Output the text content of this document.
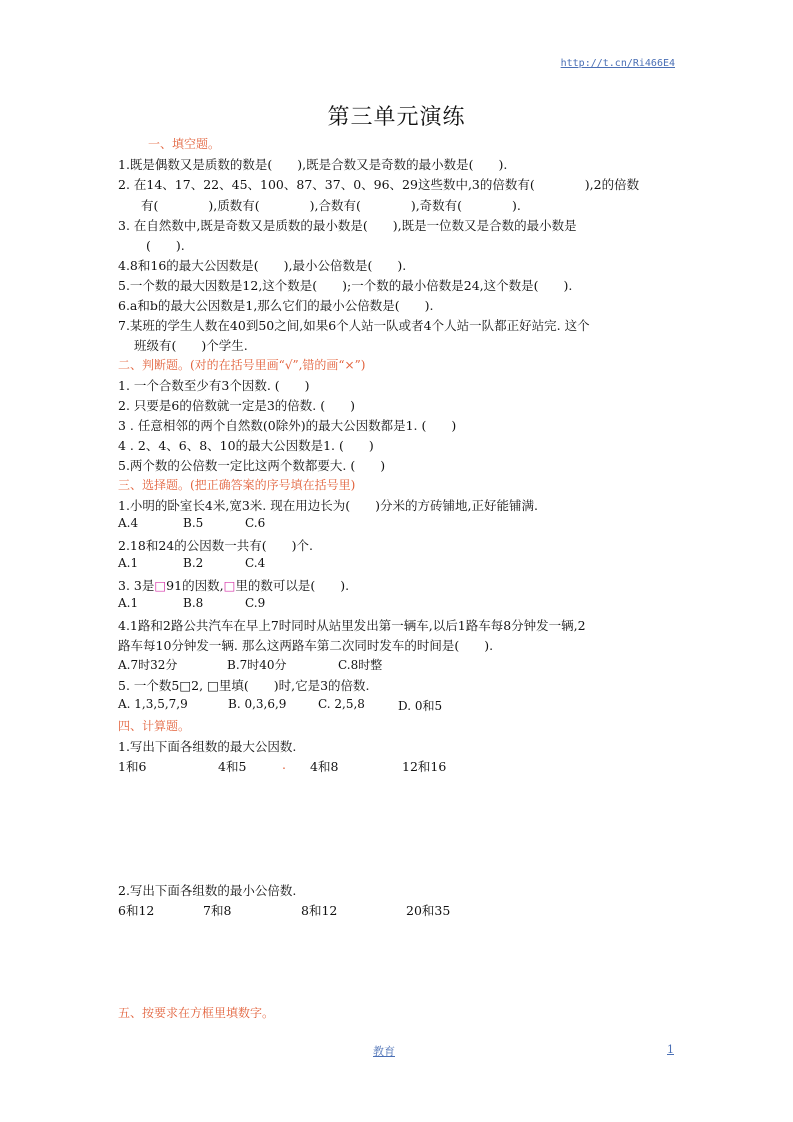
http://t.cn/Ri466E4
第三单元演练
一、填空题。
1.既是偶数又是质数的数是(　　),既是合数又是奇数的最小数是(　　).
2. 在14、17、22、45、100、87、37、0、96、29这些数中,3的倍数有(　　　　),2的倍数
有(　　　　),质数有(　　　　),合数有(　　　　),奇数有(　　　　).
3. 在自然数中,既是奇数又是质数的最小数是(　　),既是一位数又是合数的最小数是
(　　).
4.8和16的最大公因数是(　　),最小公倍数是(　　).
5.一个数的最大因数是12,这个数是(　　);一个数的最小倍数是24,这个数是(　　).
6.a和b的最大公因数是1,那么它们的最小公倍数是(　　).
7.某班的学生人数在40到50之间,如果6个人站一队或者4个人站一队都正好站完. 这个
班级有(　　)个学生.
二、判断题。(对的在括号里画“√”,错的画“×”)
1. 一个合数至少有3个因数. (　　)
2. 只要是6的倍数就一定是3的倍数. (　　)
3 . 任意相邻的两个自然数(0除外)的最大公因数都是1. (　　)
4 . 2、4、6、8、10的最大公因数是1. (　　)
5.两个数的公倍数一定比这两个数都要大. (　　)
三、选择题。(把正确答案的序号填在括号里)
1.小明的卧室长4米,宽3米. 现在用边长为(　　)分米的方砖铺地,正好能铺满.
A.4	B.5	C.6
2.18和24的公因数一共有(　　)个.
A.1	B.2	C.4
3. 3是□91的因数,□里的数可以是(　　).
A.1	B.8	C.9
4.1路和2路公共汽车在早上7时同时从站里发出第一辆车,以后1路车每8分钟发一辆,2
路车每10分钟发一辆. 那么这两路车第二次同时发车的时间是(　　).
A.7时32分	B.7时40分	C.8时整
5. 一个数5□2, □里填(　　)时,它是3的倍数.
A. 1,3,5,7,9	B. 0,3,6,9	C. 2,5,8	D. 0和5
四、计算题。
1.写出下面各组数的最大公因数.
1和6	4和5	. 4和8	12和16
2.写出下面各组数的最小公倍数.
6和12	7和8	8和12	20和35
五、按要求在方框里填数字。
教育	1
